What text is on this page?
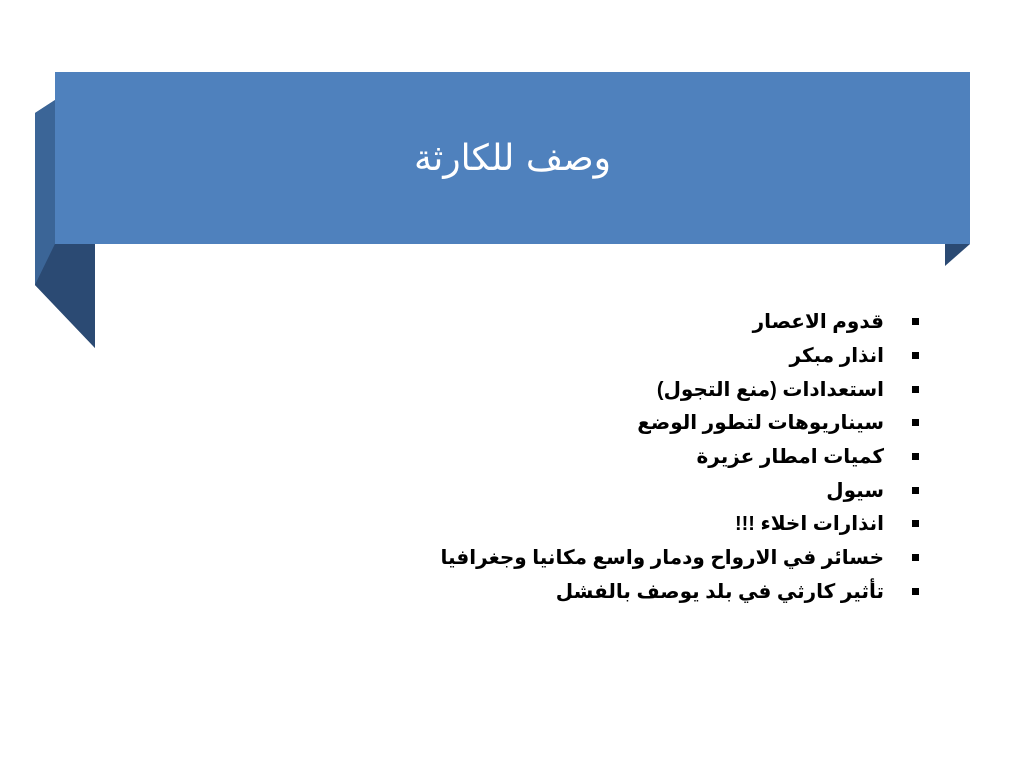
وصف للكارثة
قدوم الاعصار
انذار مبكر
استعدادات (منع التجول)
سيناريوهات لتطور الوضع
كميات امطار عزيرة
سيول
انذارات اخلاء !!!
خسائر في الارواح ودمار واسع مكانيا وجغرافيا
تأثير كارثي في بلد يوصف بالفشل
